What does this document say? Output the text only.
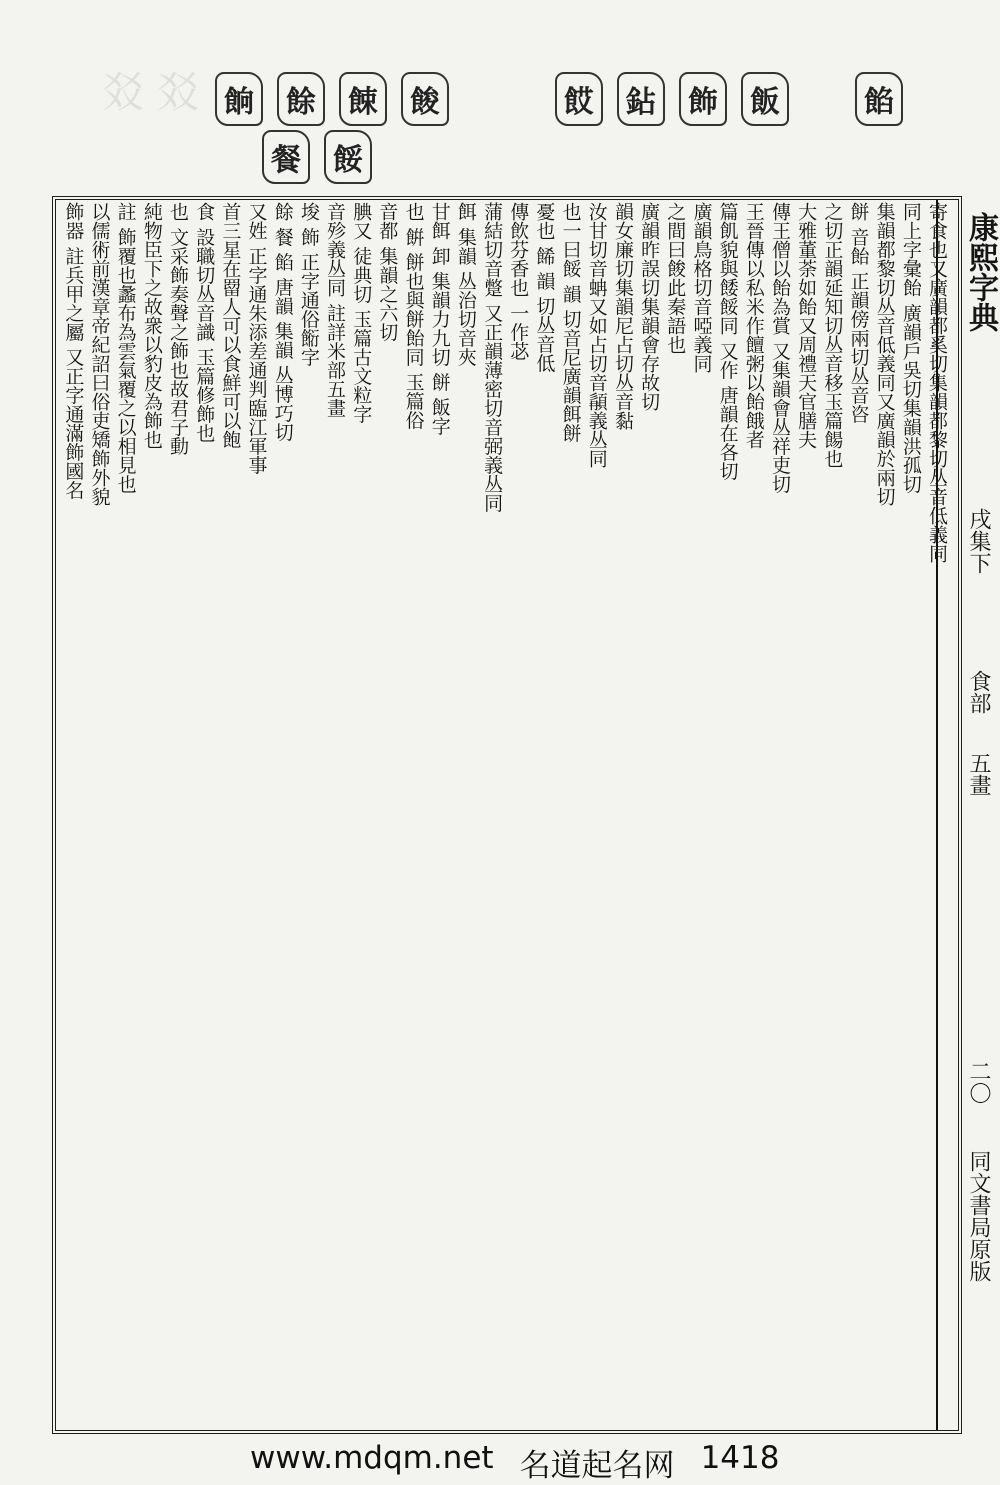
㸚 㸚 餉	餘	餗	餕
餐	餒
餀	鉆	飾	飯	餡
康熙字典
戌集下
食部
五畫
二〇
同文書局原版
寄食也又廣韻都奚切集韻都黎切丛音低義同
同上字彙飴 廣韻戶吳切集韻洪孤切
集韻都黎切丛音低義同又廣韻於兩切
餅 音飴 正韻傍兩切丛音咨
之切正韻延知切丛音移玉篇餳也
大雅董荼如飴又周禮天官膳夫
傳王僧以飴為賞 又集韻會丛祥吏切
王晉傳以私米作饘粥以飴餓者
篇飢貌與餧餒同 又作 唐韻在各切
廣韻鳥格切音啞義同
之間曰餕此秦語也
廣韻昨誤切集韻會存故切
韻女廉切集韻尼占切丛音黏
汝甘切音蚺又如占切音䫇義丛同
也一曰餒 韻 切音尼廣韻餌餅
憂也 餙 韻 切丛音低
傳飲芬香也 一作苾
蒲結切音蹩 又正韻薄密切音弼義丛同
餌 集韻 丛治切音夾
甘餌 卸 集韻力九切 餅 飯字
也 餠 餅也與餅飴同 玉篇俗
音都 集韻之六切
腆又 徒典切 玉篇古文粒字
音殄義丛同 註詳米部五畫
埈 飾 正字通俗餰字
餘 餐 餡 唐韻 集韻 丛博巧切
又姓 正字通朱添差通判臨江軍事
首三星在罶人可以食鮮可以飽
食 設職切丛音識 玉篇修飾也
也 文采飾奏聲之飾也故君子動
純物臣下之故衆以豹皮為飾也
註 飾覆也蠡布為雲氣覆之以相見也
以儒術前漢章帝紀詔曰俗吏矯飾外貌
飾器 註兵甲之屬 又正字通滿飾國名
www.mdqm.net 名道起名网 1418
